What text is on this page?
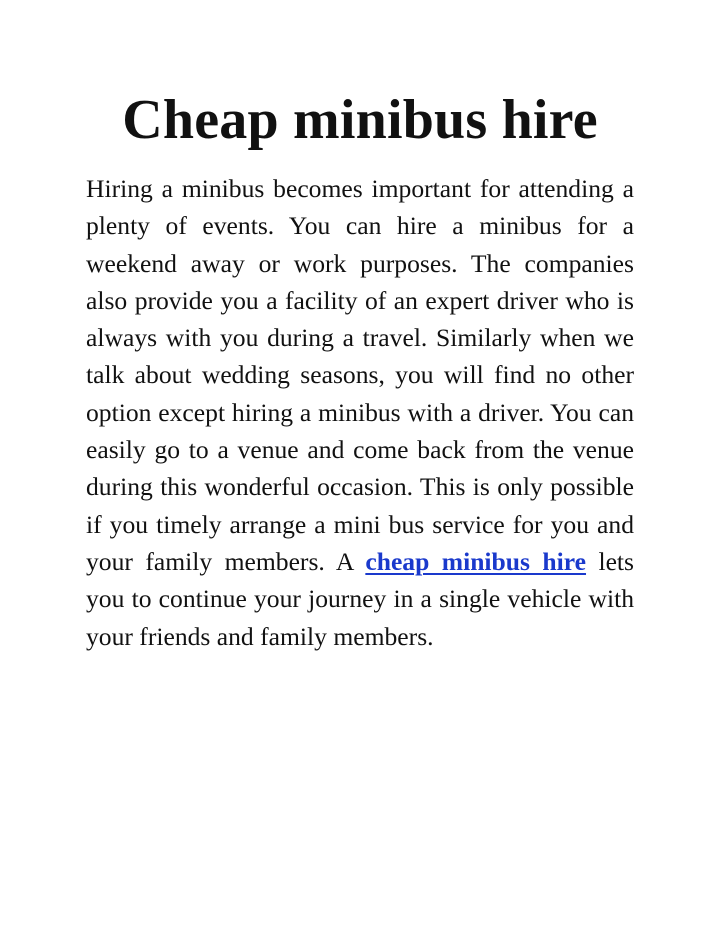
Cheap minibus hire

Hiring a minibus becomes important for attending a plenty of events. You can hire a minibus for a weekend away or work purposes. The companies also provide you a facility of an expert driver who is always with you during a travel. Similarly when we talk about wedding seasons, you will find no other option except hiring a minibus with a driver. You can easily go to a venue and come back from the venue during this wonderful occasion. This is only possible if you timely arrange a mini bus service for you and your family members. A cheap minibus hire lets you to continue your journey in a single vehicle with your friends and family members.
